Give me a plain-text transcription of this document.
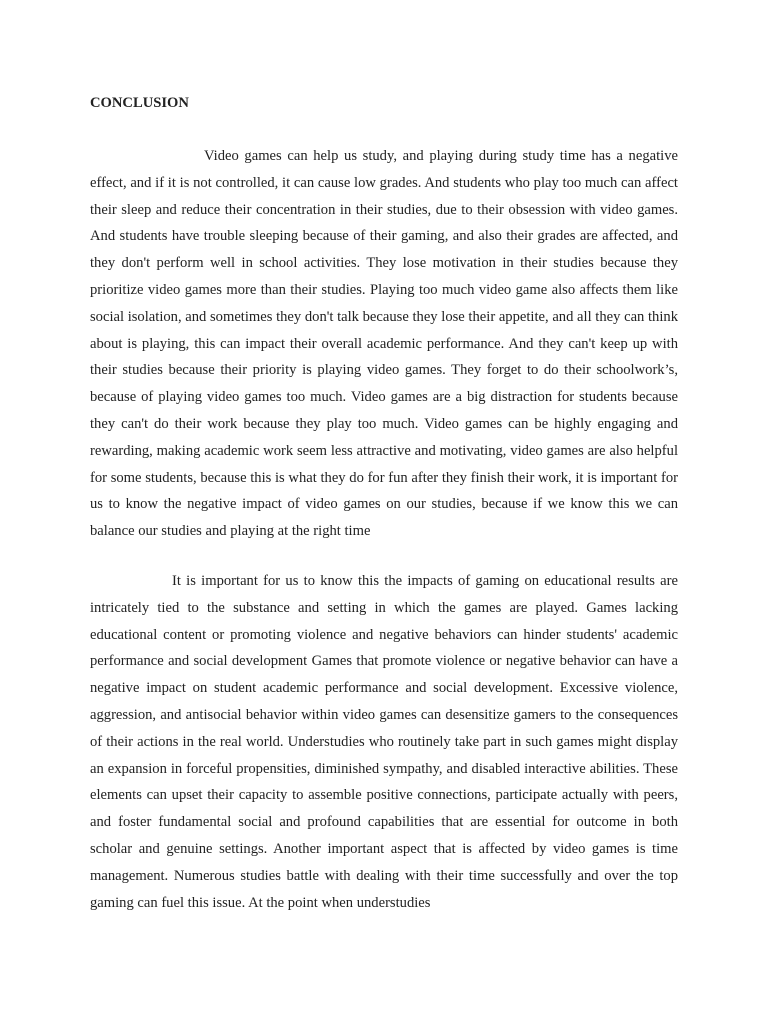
CONCLUSION

Video games can help us study, and playing during study time has a negative effect, and if it is not controlled, it can cause low grades. And students who play too much can affect their sleep and reduce their concentration in their studies, due to their obsession with video games. And students have trouble sleeping because of their gaming, and also their grades are affected, and they don't perform well in school activities. They lose motivation in their studies because they prioritize video games more than their studies. Playing too much video game also affects them like social isolation, and sometimes they don't talk because they lose their appetite, and all they can think about is playing, this can impact their overall academic performance. And they can't keep up with their studies because their priority is playing video games. They forget to do their schoolwork’s, because of playing video games too much. Video games are a big distraction for students because they can't do their work because they play too much. Video games can be highly engaging and rewarding, making academic work seem less attractive and motivating, video games are also helpful for some students, because this is what they do for fun after they finish their work, it is important for us to know the negative impact of video games on our studies, because if we know this we can balance our studies and playing at the right time

It is important for us to know this the impacts of gaming on educational results are intricately tied to the substance and setting in which the games are played. Games lacking educational content or promoting violence and negative behaviors can hinder students' academic performance and social development Games that promote violence or negative behavior can have a negative impact on student academic performance and social development. Excessive violence, aggression, and antisocial behavior within video games can desensitize gamers to the consequences of their actions in the real world. Understudies who routinely take part in such games might display an expansion in forceful propensities, diminished sympathy, and disabled interactive abilities. These elements can upset their capacity to assemble positive connections, participate actually with peers, and foster fundamental social and profound capabilities that are essential for outcome in both scholar and genuine settings. Another important aspect that is affected by video games is time management. Numerous studies battle with dealing with their time successfully and over the top gaming can fuel this issue. At the point when understudies
